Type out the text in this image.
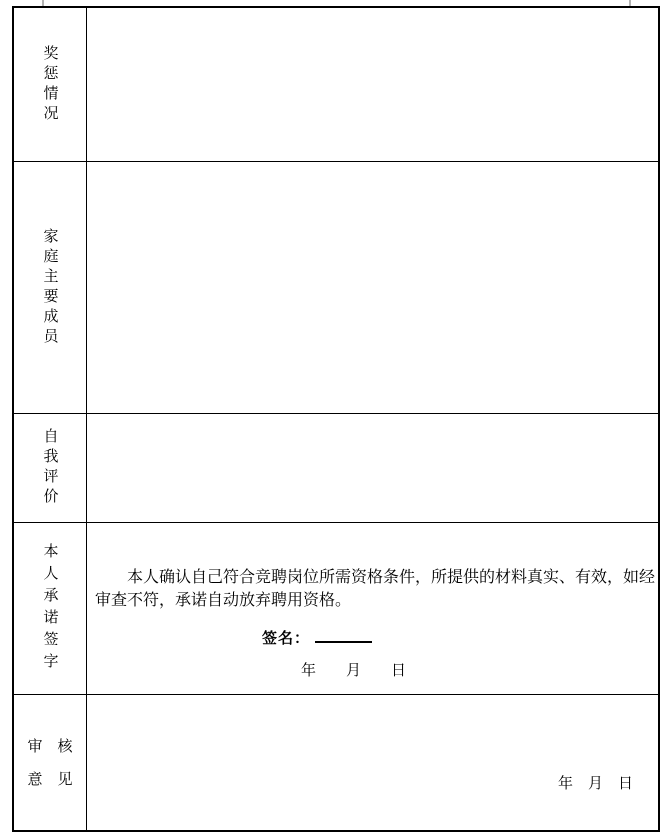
奖惩情况
家庭主要成员
自我评价
本人承诺签字	本人确认自己符合竞聘岗位所需资格条件，所提供的材料真实、有效，如经
审查不符，承诺自动放弃聘用资格。
签名：
年　　月　　日
审　核
意　见	年　月　日
